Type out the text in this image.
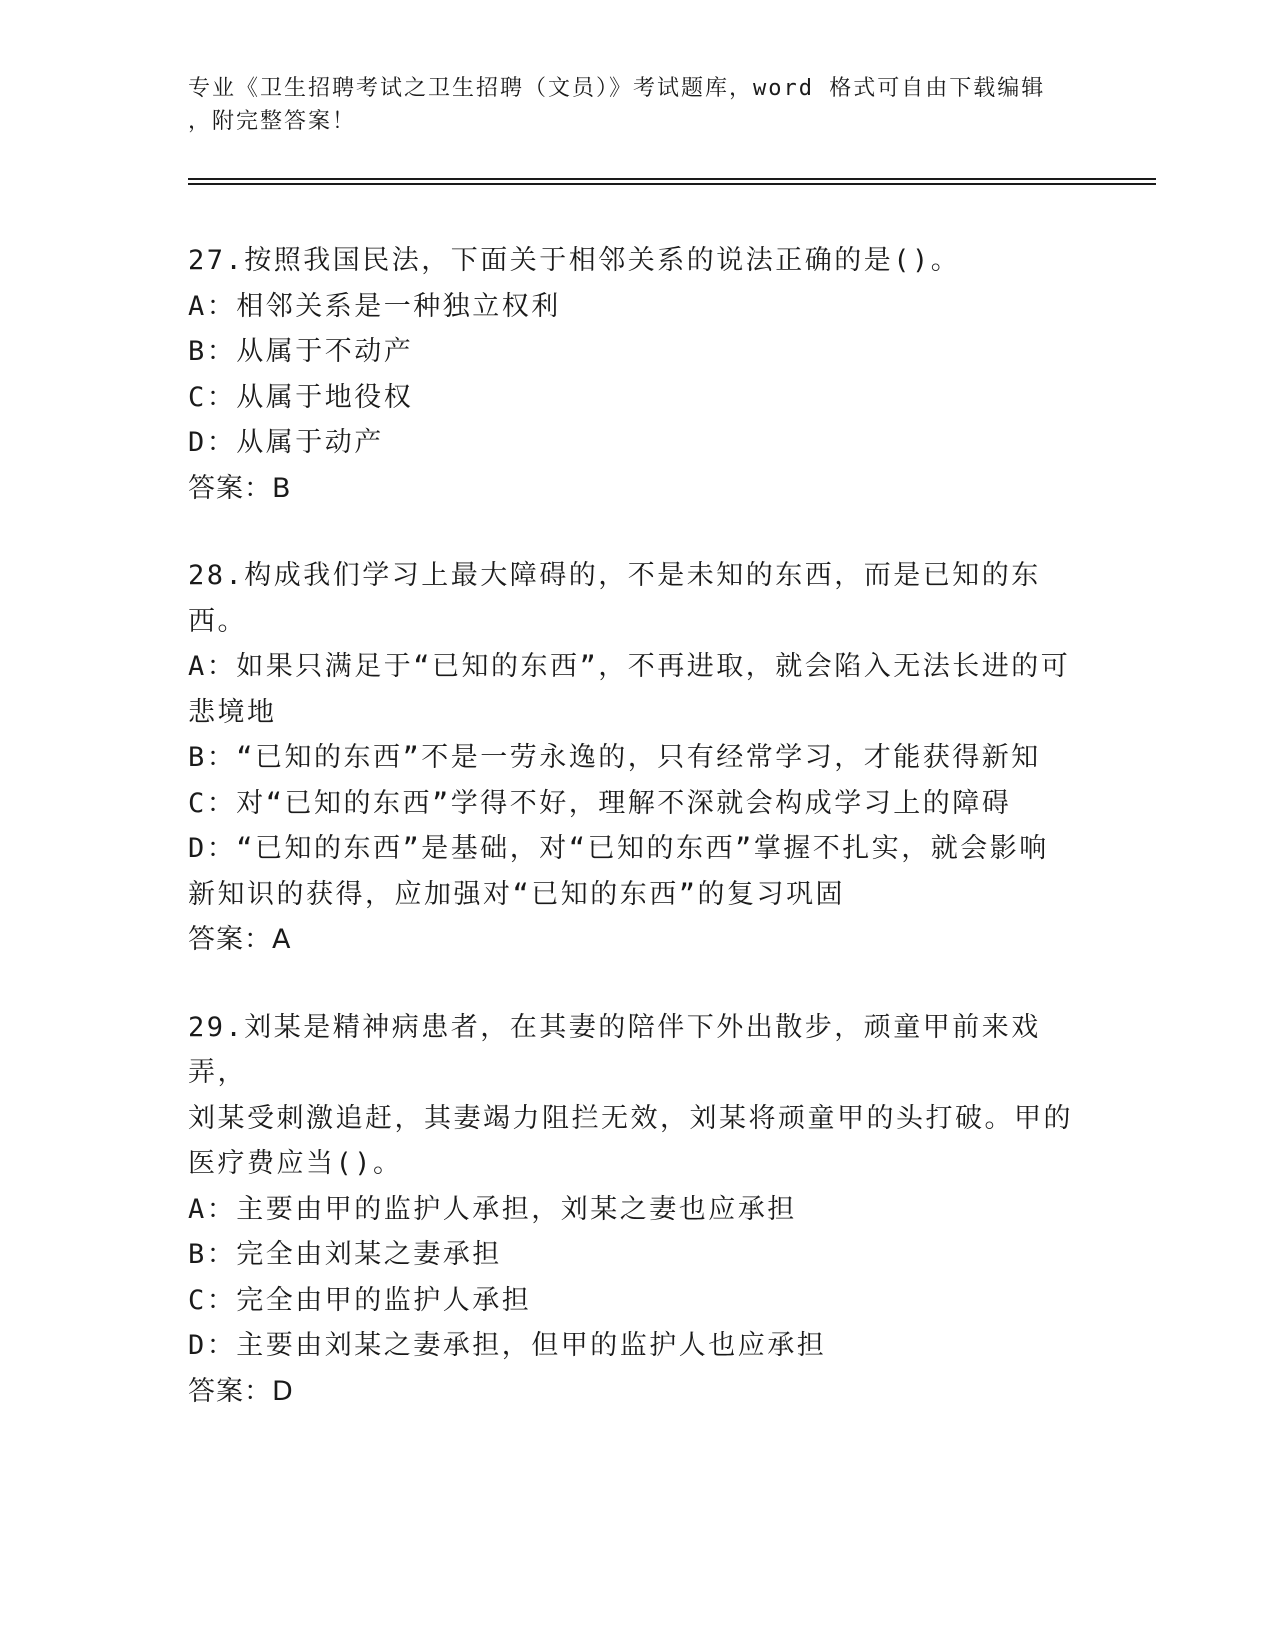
专业《卫生招聘考试之卫生招聘（文员）》考试题库，word 格式可自由下载编辑
，附完整答案！
27.按照我国民法，下面关于相邻关系的说法正确的是()。
A：相邻关系是一种独立权利
B：从属于不动产
C：从属于地役权
D：从属于动产
答案：B
28.构成我们学习上最大障碍的，不是未知的东西，而是已知的东西。
A：如果只满足于“已知的东西”，不再进取，就会陷入无法长进的可
悲境地
B：“已知的东西”不是一劳永逸的，只有经常学习，才能获得新知
C：对“已知的东西”学得不好，理解不深就会构成学习上的障碍
D：“已知的东西”是基础，对“已知的东西”掌握不扎实，就会影响
新知识的获得，应加强对“已知的东西”的复习巩固
答案：A
29.刘某是精神病患者，在其妻的陪伴下外出散步，顽童甲前来戏弄，
刘某受刺激追赶，其妻竭力阻拦无效，刘某将顽童甲的头打破。甲的
医疗费应当()。
A：主要由甲的监护人承担，刘某之妻也应承担
B：完全由刘某之妻承担
C：完全由甲的监护人承担
D：主要由刘某之妻承担，但甲的监护人也应承担
答案：D
